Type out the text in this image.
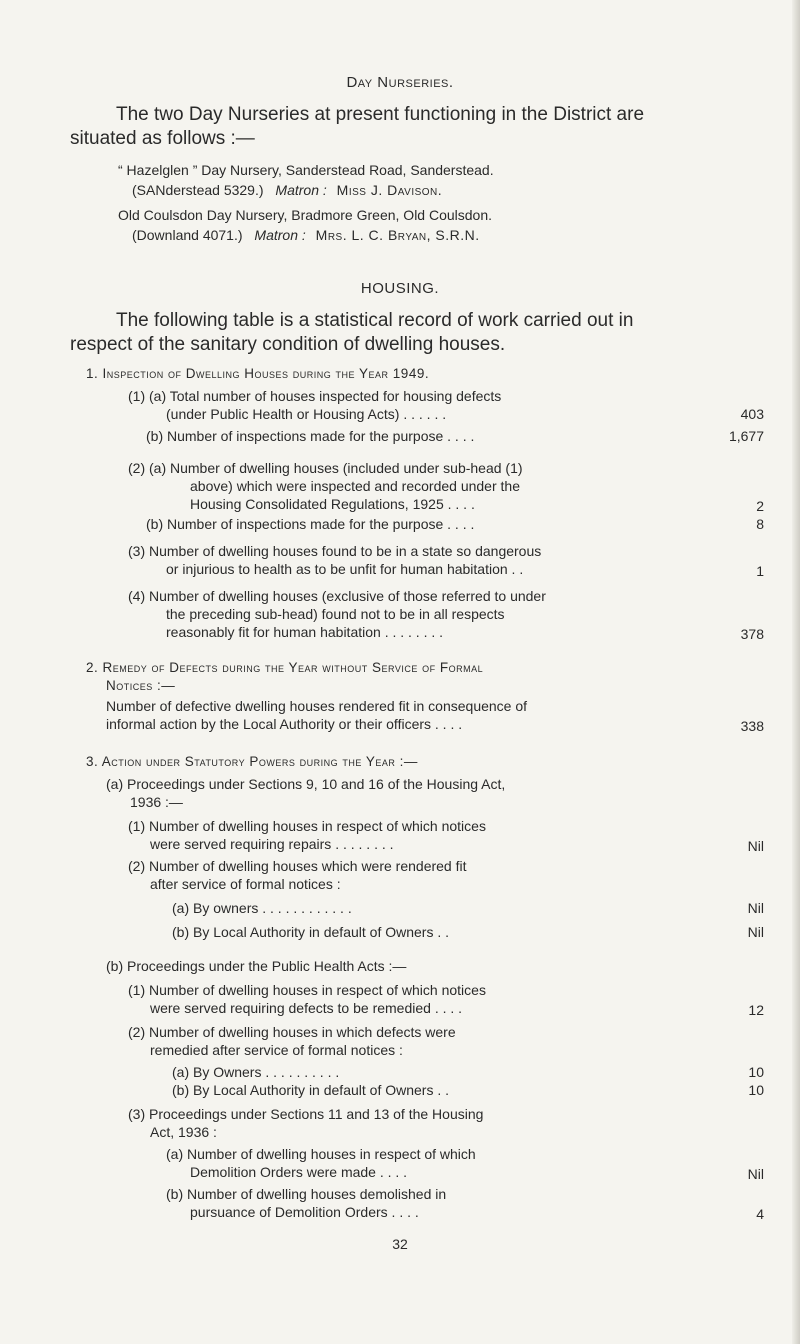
Day Nurseries.
The two Day Nurseries at present functioning in the District are
situated as follows :—
“ Hazelglen ” Day Nursery, Sanderstead Road, Sanderstead.
(SANderstead 5329.) Matron : Miss J. Davison.
Old Coulsdon Day Nursery, Bradmore Green, Old Coulsdon.
(Downland 4071.) Matron : Mrs. L. C. Bryan, S.R.N.
HOUSING.
The following table is a statistical record of work carried out in
respect of the sanitary condition of dwelling houses.
1. Inspection of Dwelling Houses during the Year 1949.
(1) (a) Total number of houses inspected for housing defects
(under Public Health or Housing Acts) . . . . . .	403
(b) Number of inspections made for the purpose . . . .	1,677
(2) (a) Number of dwelling houses (included under sub-head (1)
above) which were inspected and recorded under the
Housing Consolidated Regulations, 1925 . . . .	2
(b) Number of inspections made for the purpose . . . .	8
(3) Number of dwelling houses found to be in a state so dangerous
or injurious to health as to be unfit for human habitation . .	1
(4) Number of dwelling houses (exclusive of those referred to under
the preceding sub-head) found not to be in all respects
reasonably fit for human habitation . . . . . . . .	378
2. Remedy of Defects during the Year without Service of Formal
Notices :—
Number of defective dwelling houses rendered fit in consequence of
informal action by the Local Authority or their officers . . . .	338
3. Action under Statutory Powers during the Year :—
(a) Proceedings under Sections 9, 10 and 16 of the Housing Act,
1936 :—
(1) Number of dwelling houses in respect of which notices
were served requiring repairs . . . . . . . .	Nil
(2) Number of dwelling houses which were rendered fit
after service of formal notices :
(a) By owners . . . . . . . . . . . .	Nil
(b) By Local Authority in default of Owners . .	Nil
(b) Proceedings under the Public Health Acts :—
(1) Number of dwelling houses in respect of which notices
were served requiring defects to be remedied . . . .	12
(2) Number of dwelling houses in which defects were
remedied after service of formal notices :
(a) By Owners . . . . . . . . . .	10
(b) By Local Authority in default of Owners . .	10
(3) Proceedings under Sections 11 and 13 of the Housing
Act, 1936 :
(a) Number of dwelling houses in respect of which
Demolition Orders were made . . . .	Nil
(b) Number of dwelling houses demolished in
pursuance of Demolition Orders . . . .	4
32
